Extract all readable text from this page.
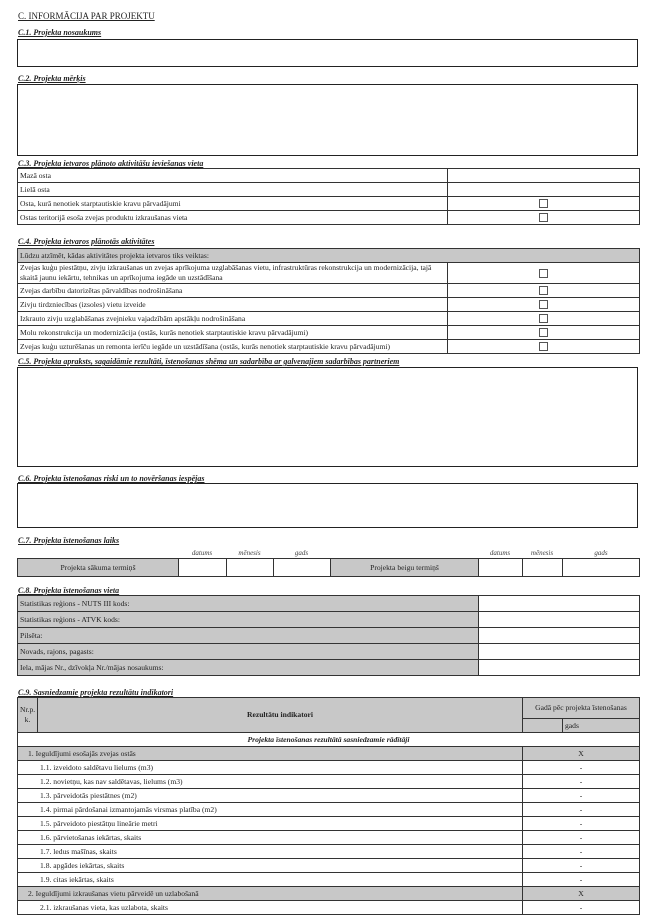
C. INFORMĀCIJA PAR PROJEKTU
C.1. Projekta nosaukums
C.2. Projekta mērķis
C.3. Projekta ietvaros plānoto aktivitāšu ieviešanas vieta
Mazā osta	
Lielā osta	
Osta, kurā nenotiek starptautiskie kravu pārvadājumi	
Ostas teritorijā esoša zvejas produktu izkraušanas vieta	
C.4. Projekta ietvaros plānotās aktivitātes
Lūdzu atzīmēt, kādas aktivitātes projekta ietvaros tiks veiktas:	
Zvejas kuģu piestātņu, zivju izkraušanas un zvejas aprīkojuma uzglabāšanas vietu, infrastruktūras rekonstrukcija un modernizācija, tajā skaitā jaunu iekārtu, tehnikas un aprīkojuma iegāde un uzstādīšana	
Zvejas darbību datorizētas pārvaldības nodrošināšana	
Zivju tirdzniecības (izsoles) vietu izveide	
Izkrauto zivju uzglabāšanas zvejnieku vajadzībām apstākļu nodrošināšana	
Molu rekonstrukcija un modernizācija (ostās, kurās nenotiek starptautiskie kravu pārvadājumi)	
Zvejas kuģu uzturēšanas un remonta ierīču iegāde un uzstādīšana (ostās, kurās nenotiek starptautiskie kravu pārvadājumi)	
C.5. Projekta apraksts, sagaidāmie rezultāti, īstenošanas shēma un sadarbība ar galvenajiem sadarbības partneriem
C.6. Projekta īstenošanas riski un to novēršanas iespējas
C.7. Projekta īstenošanas laiks
datums	mēnesis	gads	datums	mēnesis	gads
Projekta sākuma termiņš				Projekta beigu termiņš			
C.8. Projekta īstenošanas vieta
Statistikas reģions - NUTS III kods:	
Statistikas reģions - ATVK kods:	
Pilsēta:	
Novads, rajons, pagasts:	
Iela, mājas Nr., dzīvokļa Nr./mājas nosaukums:	
C.9. Sasniedzamie projekta rezultātu indikatori
Nr.p. k.	Rezultātu indikatori	Gadā pēc projekta īstenošanas	
			gads
Projekta īstenošanas rezultātā sasniedzamie rādītāji			
1. Ieguldījumi esošajās zvejas ostās		X	
1.1. izveidoto saldētavu lielums (m3)		-	
1.2. novietņu, kas nav saldētavas, lielums (m3)		-	
1.3. pārveidotās piestātnes (m2)		-	
1.4. pirmai pārdošanai izmantojamās virsmas platība (m2)		-	
1.5. pārveidoto piestātņu lineārie metri		-	
1.6. pārvietošanas iekārtas, skaits		-	
1.7. ledus mašīnas, skaits		-	
1.8. apgādes iekārtas, skaits		-	
1.9. citas iekārtas, skaits		-	
2. Ieguldījumi izkraušanas vietu pārveidē un uzlabošanā		X	
2.1. izkraušanas vieta, kas uzlabota, skaits		-	
